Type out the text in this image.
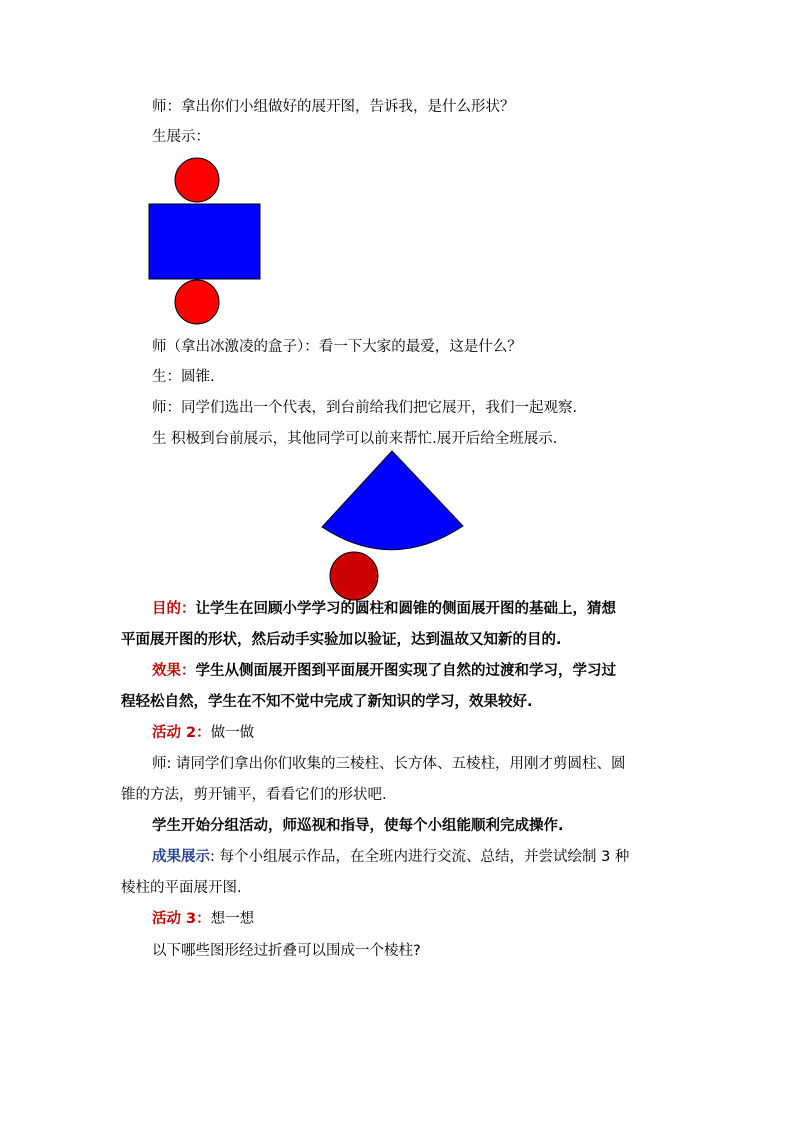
师：拿出你们小组做好的展开图，告诉我，是什么形状？
生展示：
师（拿出冰激凌的盒子）：看一下大家的最爱，这是什么？
生：圆锥.
师：同学们选出一个代表，到台前给我们把它展开，我们一起观察.
生 积极到台前展示，其他同学可以前来帮忙.展开后给全班展示.
目的：让学生在回顾小学学习的圆柱和圆锥的侧面展开图的基础上，猜想
平面展开图的形状，然后动手实验加以验证，达到温故又知新的目的.
效果：学生从侧面展开图到平面展开图实现了自然的过渡和学习，学习过
程轻松自然，学生在不知不觉中完成了新知识的学习，效果较好.
活动 2：做一做
师: 请同学们拿出你们收集的三棱柱、长方体、五棱柱，用刚才剪圆柱、圆
锥的方法，剪开铺平，看看它们的形状吧.
学生开始分组活动，师巡视和指导，使每个小组能顺利完成操作.
成果展示: 每个小组展示作品，在全班内进行交流、总结，并尝试绘制 3 种
棱柱的平面展开图.
活动 3：想一想
以下哪些图形经过折叠可以围成一个棱柱?
